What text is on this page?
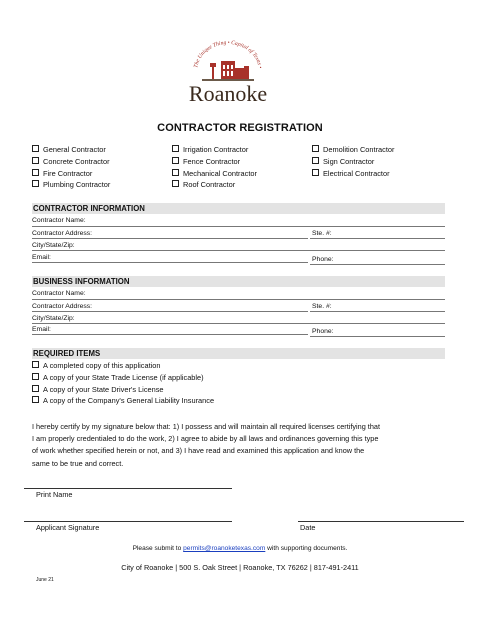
The Unique Thing • Capital of Texas •
Roanoke
CONTRACTOR REGISTRATION
General Contractor
Concrete Contractor
Fire Contractor
Plumbing Contractor
Irrigation Contractor
Fence Contractor
Mechanical Contractor
Roof Contractor
Demolition Contractor
Sign Contractor
Electrical Contractor
CONTRACTOR INFORMATION
Contractor Name:
Contractor Address:	Ste. #:
City/State/Zip:
Email:	Phone:
BUSINESS INFORMATION
Contractor Name:
Contractor Address:	Ste. #:
City/State/Zip:
Email:	Phone:
REQUIRED ITEMS
A completed copy of this application
A copy of your State Trade License (if applicable)
A copy of your State Driver's License
A copy of the Company's General Liability Insurance
I hereby certify by my signature below that: 1) I possess and will maintain all required licenses certifying that
I am properly credentialed to do the work, 2) I agree to abide by all laws and ordinances governing this type
of work whether specified herein or not, and 3) I have read and examined this application and know the
same to be true and correct.
Print Name
Applicant Signature	Date
Please submit to permits@roanoketexas.com with supporting documents.
City of Roanoke | 500 S. Oak Street | Roanoke, TX 76262 | 817-491-2411
June 21
